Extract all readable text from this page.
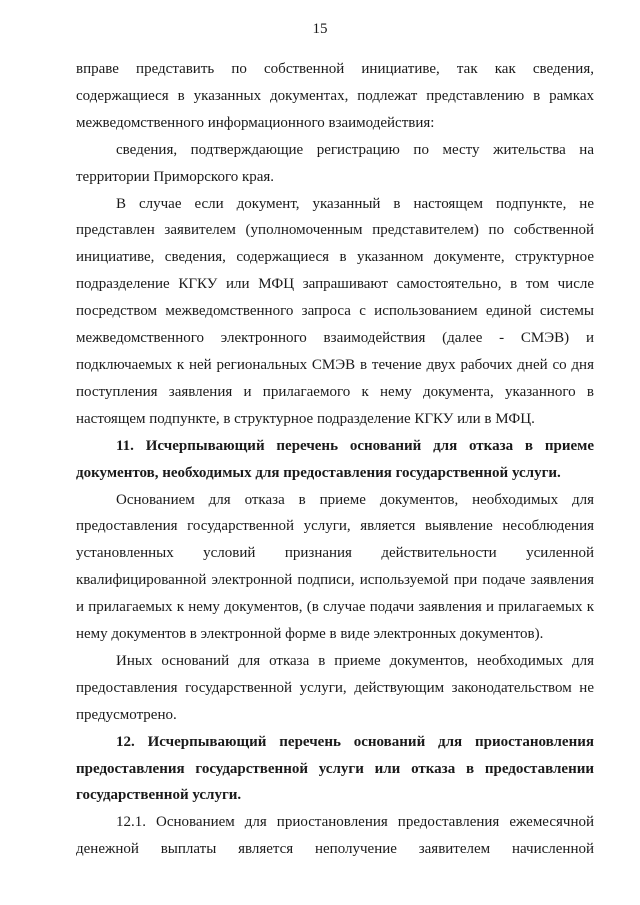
15

вправе представить по собственной инициативе, так как сведения, содержащиеся в указанных документах, подлежат представлению в рамках межведомственного информационного взаимодействия:

сведения, подтверждающие регистрацию по месту жительства на территории Приморского края.

В случае если документ, указанный в настоящем подпункте, не представлен заявителем (уполномоченным представителем) по собственной инициативе, сведения, содержащиеся в указанном документе, структурное подразделение КГКУ или МФЦ запрашивают самостоятельно, в том числе посредством межведомственного запроса с использованием единой системы межведомственного электронного взаимодействия (далее - СМЭВ) и подключаемых к ней региональных СМЭВ в течение двух рабочих дней со дня поступления заявления и прилагаемого к нему документа, указанного в настоящем подпункте, в структурное подразделение КГКУ или в МФЦ.

11. Исчерпывающий перечень оснований для отказа в приеме документов, необходимых для предоставления государственной услуги.

Основанием для отказа в приеме документов, необходимых для предоставления государственной услуги, является выявление несоблюдения установленных условий признания действительности усиленной квалифицированной электронной подписи, используемой при подаче заявления и прилагаемых к нему документов, (в случае подачи заявления и прилагаемых к нему документов в электронной форме в виде электронных документов).

Иных оснований для отказа в приеме документов, необходимых для предоставления государственной услуги, действующим законодательством не предусмотрено.

12. Исчерпывающий перечень оснований для приостановления предоставления государственной услуги или отказа в предоставлении государственной услуги.

12.1. Основанием для приостановления предоставления ежемесячной денежной выплаты является неполучение заявителем начисленной
